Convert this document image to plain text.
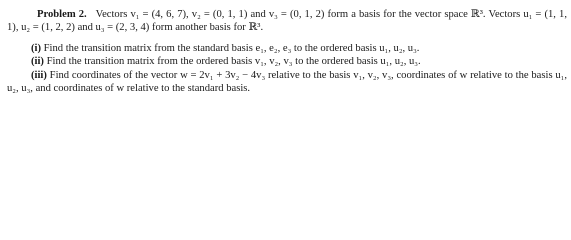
Problem 2. Vectors v₁ = (4, 6, 7), v₂ = (0, 1, 1) and v₃ = (0, 1, 2) form a basis for the vector space ℝ³. Vectors u₁ = (1, 1, 1), u₂ = (1, 2, 2) and u₃ = (2, 3, 4) form another basis for ℝ³.

(i) Find the transition matrix from the standard basis e₁, e₂, e₃ to the ordered basis u₁, u₂, u₃.

(ii) Find the transition matrix from the ordered basis v₁, v₂, v₃ to the ordered basis u₁, u₂, u₃.

(iii) Find coordinates of the vector w = 2v₁ + 3v₂ − 4v₃ relative to the basis v₁, v₂, v₃, coordinates of w relative to the basis u₁, u₂, u₃, and coordinates of w relative to the standard basis.
